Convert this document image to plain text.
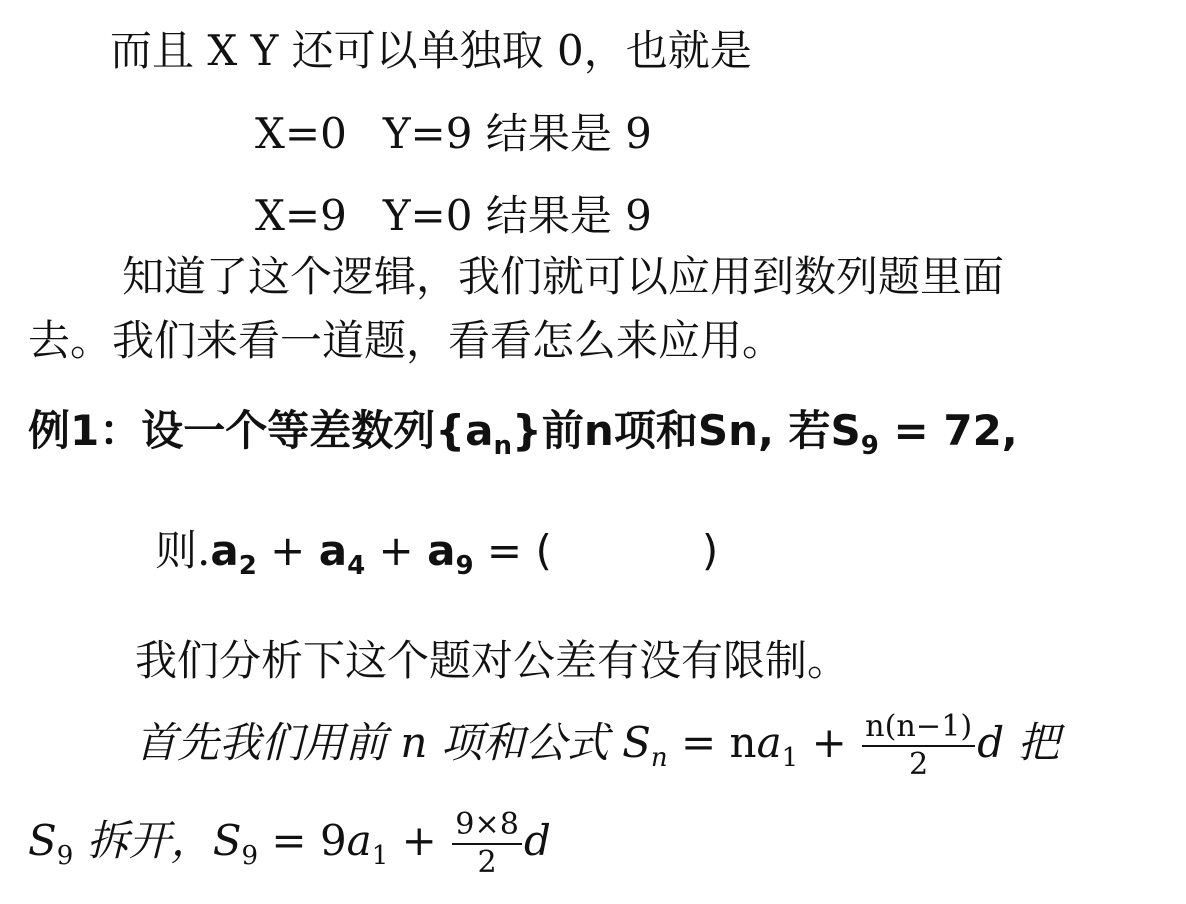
而且 X Y 还可以单独取 0，也就是
X=0 Y=9 结果是 9
X=9 Y=0 结果是 9
知道了这个逻辑，我们就可以应用到数列题里面
去。我们来看一道题，看看怎么来应用。
例1：设一个等差数列$\{a_n\}$前n项和Sn, 若$S_9 = 72$,
则$.a_2 + a_4 + a_9$ = (	)
我们分析下这个题对公差有没有限制。
首先我们用前 n 项和公式 $S_n = na_1 + \frac{n(n-1)}{2}$ d 把
$S_9$ 拆开，$S_9 = 9a_1 + \frac{9\times 8}{2}$ d
